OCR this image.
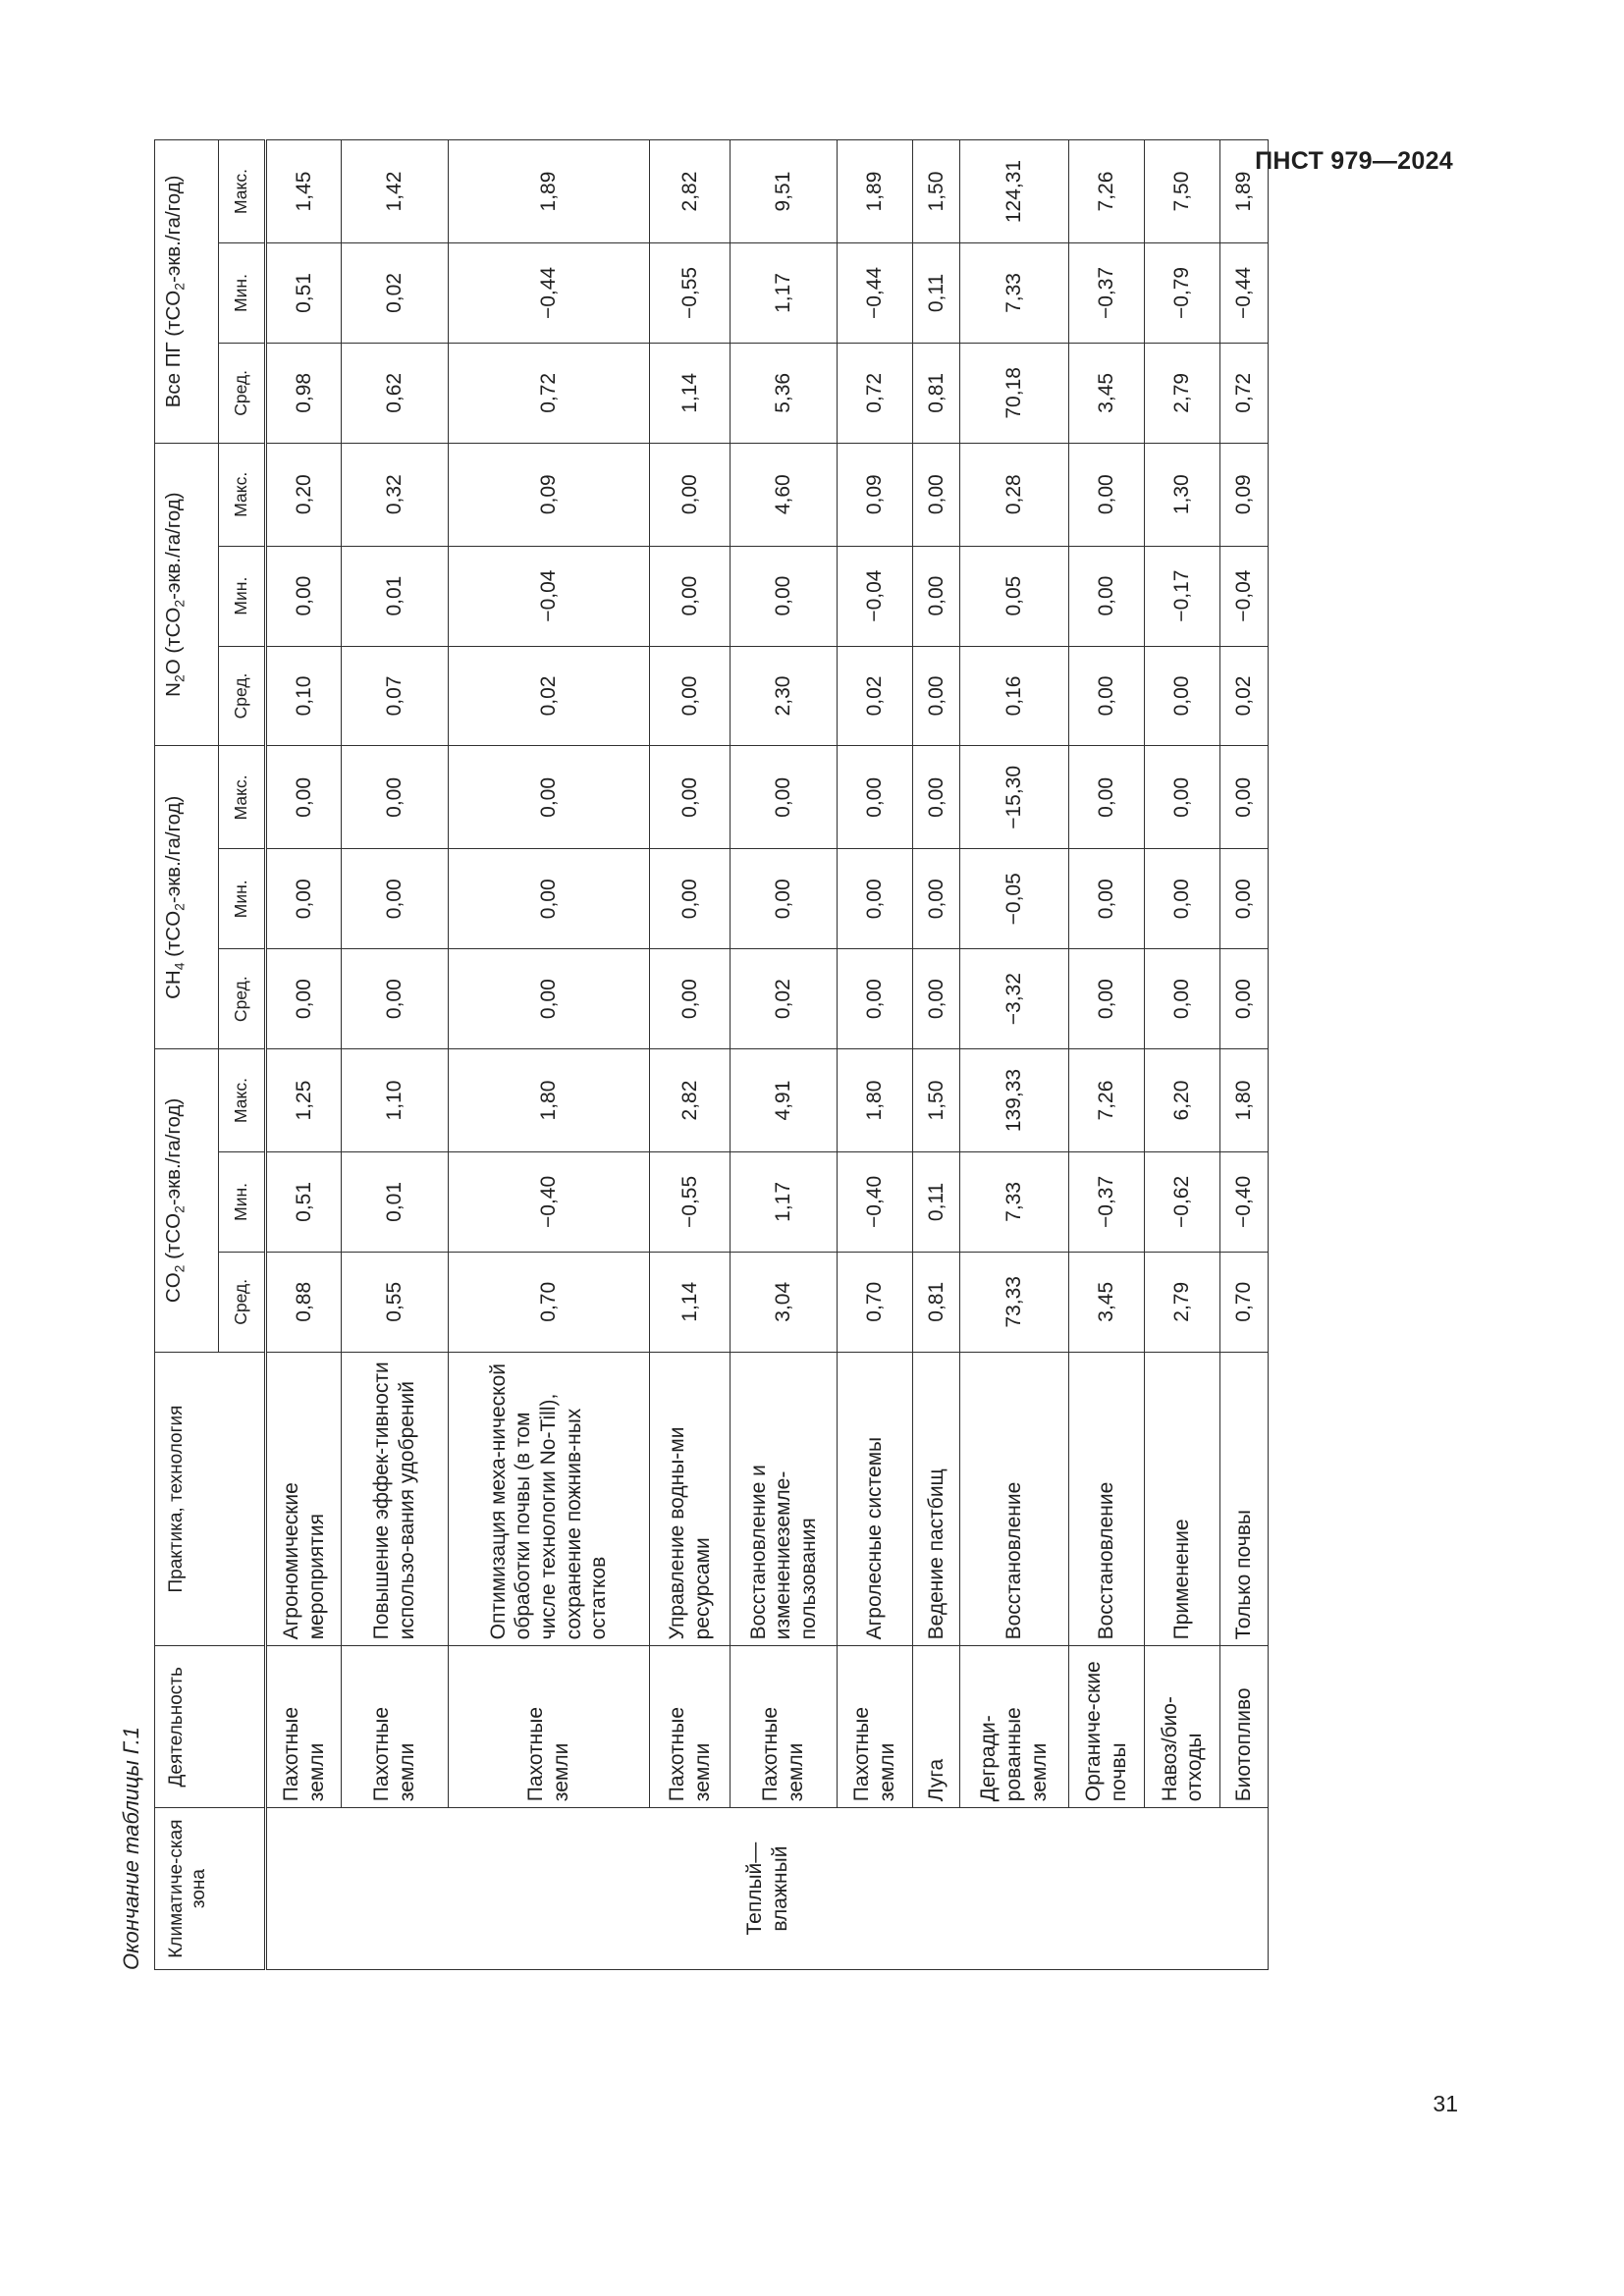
ПНСТ 979—2024
Окончание таблицы Г.1	Климатиче-ская зона	Деятельность	Практика, технология	$CO_2$ (тCO$_2$-экв./га/год)			$CH_4$ (тCO$_2$-экв./га/год)			$N_2O$ (тCO$_2$-экв./га/год)			Все ПГ (тCO$_2$-экв./га/год)		
			Сред.	Мин.	Макс.	Сред.	Мин.	Макс.	Сред.	Мин.	Макс.	Сред.	Мин.	Макс.
Теплый—влажный	Пахотные земли	Агрономические мероприятия	0,88	0,51	1,25	0,00	0,00	0,00	0,10	0,00	0,20	0,98	0,51	1,45
	Пахотные земли	Повышение эффек-тивности использо-вания удобрений	0,55	0,01	1,10	0,00	0,00	0,00	0,07	0,01	0,32	0,62	0,02	1,42
	Пахотные земли	Оптимизация меха-нической обработки почвы (в том числе технологии No-Till), сохранение пожнив-ных остатков	0,70	−0,40	1,80	0,00	0,00	0,00	0,02	−0,04	0,09	0,72	−0,44	1,89
	Пахотные земли	Управление водны-ми ресурсами	1,14	−0,55	2,82	0,00	0,00	0,00	0,00	0,00	0,00	1,14	−0,55	2,82
	Пахотные земли	Восстановление и изменениеземле-пользования	3,04	1,17	4,91	0,02	0,00	0,00	2,30	0,00	4,60	5,36	1,17	9,51
	Пахотные земли	Агролесные системы	0,70	−0,40	1,80	0,00	0,00	0,00	0,02	−0,04	0,09	0,72	−0,44	1,89
	Луга	Ведение пастбищ	0,81	0,11	1,50	0,00	0,00	0,00	0,00	0,00	0,00	0,81	0,11	1,50
	Дегради-рованные земли	Восстановление	73,33	7,33	139,33	−3,32	−0,05	−15,30	0,16	0,05	0,28	70,18	7,33	124,31
	Органиче-ские почвы	Восстановление	3,45	−0,37	7,26	0,00	0,00	0,00	0,00	0,00	0,00	3,45	−0,37	7,26
	Навоз/био-отходы	Применение	2,79	−0,62	6,20	0,00	0,00	0,00	0,00	−0,17	1,30	2,79	−0,79	7,50
	Биотопливо	Только почвы	0,70	−0,40	1,80	0,00	0,00	0,00	0,02	−0,04	0,09	0,72	−0,44	1,89
31
